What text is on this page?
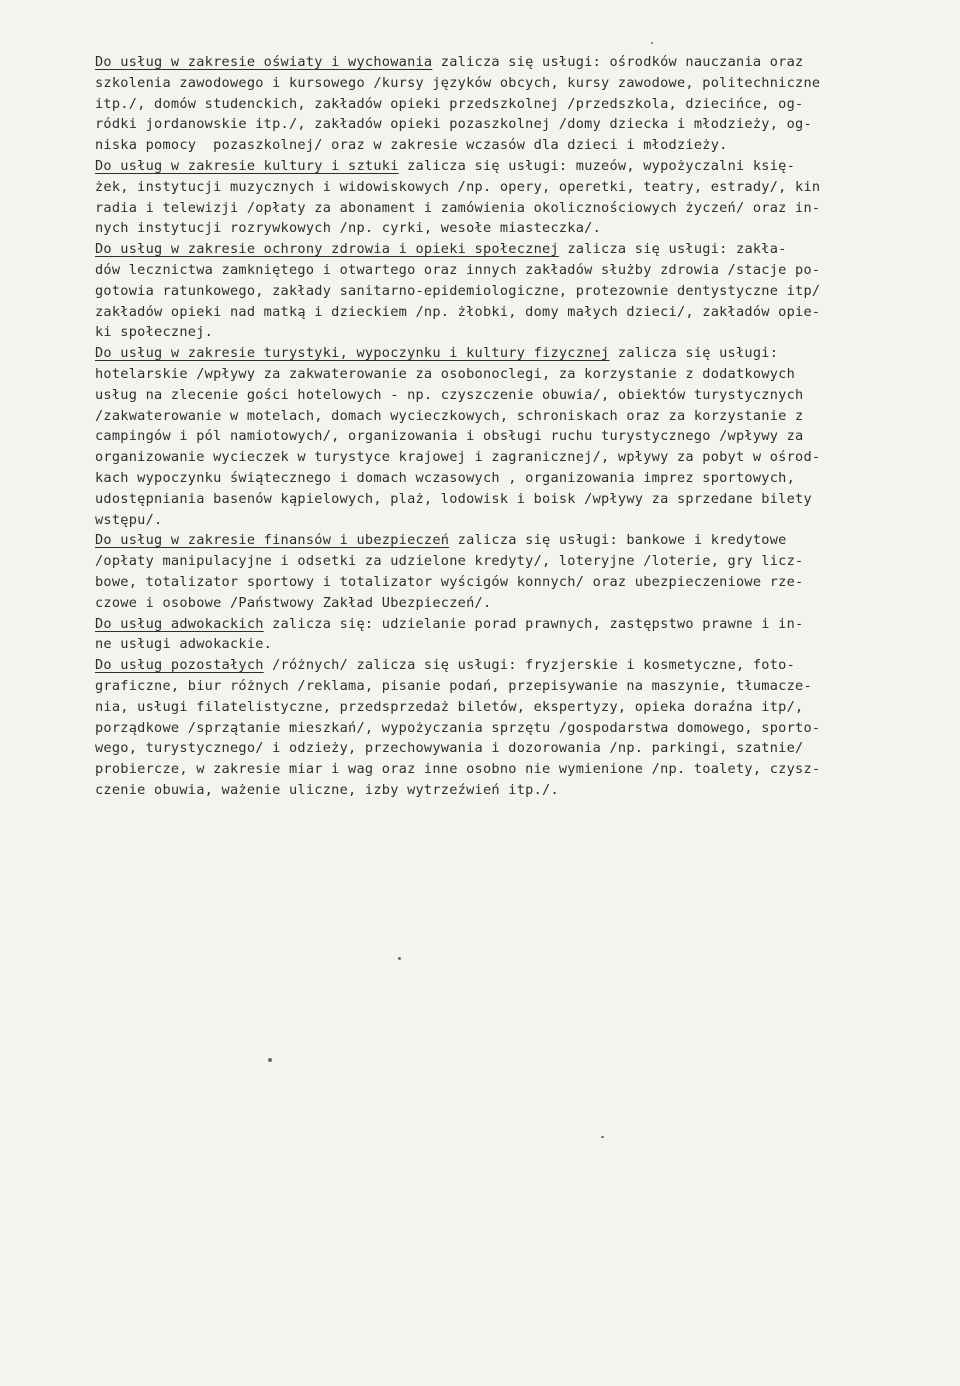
Do usług w zakresie oświaty i wychowania zalicza się usługi: ośrodków nauczania oraz
szkolenia zawodowego i kursowego /kursy języków obcych, kursy zawodowe, politechniczne
itp./, domów studenckich, zakładów opieki przedszkolnej /przedszkola, dziecińce, og-
ródki jordanowskie itp./, zakładów opieki pozaszkolnej /domy dziecka i młodzieży, og-
niska pomocy  pozaszkolnej/ oraz w zakresie wczasów dla dzieci i młodzieży.
Do usług w zakresie kultury i sztuki zalicza się usługi: muzeów, wypożyczalni księ-
żek, instytucji muzycznych i widowiskowych /np. opery, operetki, teatry, estrady/, kin
radia i telewizji /opłaty za abonament i zamówienia okolicznościowych życzeń/ oraz in-
nych instytucji rozrywkowych /np. cyrki, wesołe miasteczka/.
Do usług w zakresie ochrony zdrowia i opieki społecznej zalicza się usługi: zakła-
dów lecznictwa zamkniętego i otwartego oraz innych zakładów służby zdrowia /stacje po-
gotowia ratunkowego, zakłady sanitarno-epidemiologiczne, protezownie dentystyczne itp/
zakładów opieki nad matką i dzieckiem /np. żłobki, domy małych dzieci/, zakładów opie-
ki społecznej.
Do usług w zakresie turystyki, wypoczynku i kultury fizycznej zalicza się usługi:
hotelarskie /wpływy za zakwaterowanie za osobonoclegi, za korzystanie z dodatkowych
usług na zlecenie gości hotelowych - np. czyszczenie obuwia/, obiektów turystycznych
/zakwaterowanie w motelach, domach wycieczkowych, schroniskach oraz za korzystanie z
campingów i pól namiotowych/, organizowania i obsługi ruchu turystycznego /wpływy za
organizowanie wycieczek w turystyce krajowej i zagranicznej/, wpływy za pobyt w ośrod-
kach wypoczynku świątecznego i domach wczasowych , organizowania imprez sportowych,
udostępniania basenów kąpielowych, plaż, lodowisk i boisk /wpływy za sprzedane bilety
wstępu/.
Do usług w zakresie finansów i ubezpieczeń zalicza się usługi: bankowe i kredytowe
/opłaty manipulacyjne i odsetki za udzielone kredyty/, loteryjne /loterie, gry licz-
bowe, totalizator sportowy i totalizator wyścigów konnych/ oraz ubezpieczeniowe rze-
czowe i osobowe /Państwowy Zakład Ubezpieczeń/.
Do usług adwokackich zalicza się: udzielanie porad prawnych, zastępstwo prawne i in-
ne usługi adwokackie.
Do usług pozostałych /różnych/ zalicza się usługi: fryzjerskie i kosmetyczne, foto-
graficzne, biur różnych /reklama, pisanie podań, przepisywanie na maszynie, tłumacze-
nia, usługi filatelistyczne, przedsprzedaż biletów, ekspertyzy, opieka doraźna itp/,
porządkowe /sprzątanie mieszkań/, wypożyczania sprzętu /gospodarstwa domowego, sporto-
wego, turystycznego/ i odzieży, przechowywania i dozorowania /np. parkingi, szatnie/
probiercze, w zakresie miar i wag oraz inne osobno nie wymienione /np. toalety, czysz-
czenie obuwia, ważenie uliczne, izby wytrzeźwień itp./.
